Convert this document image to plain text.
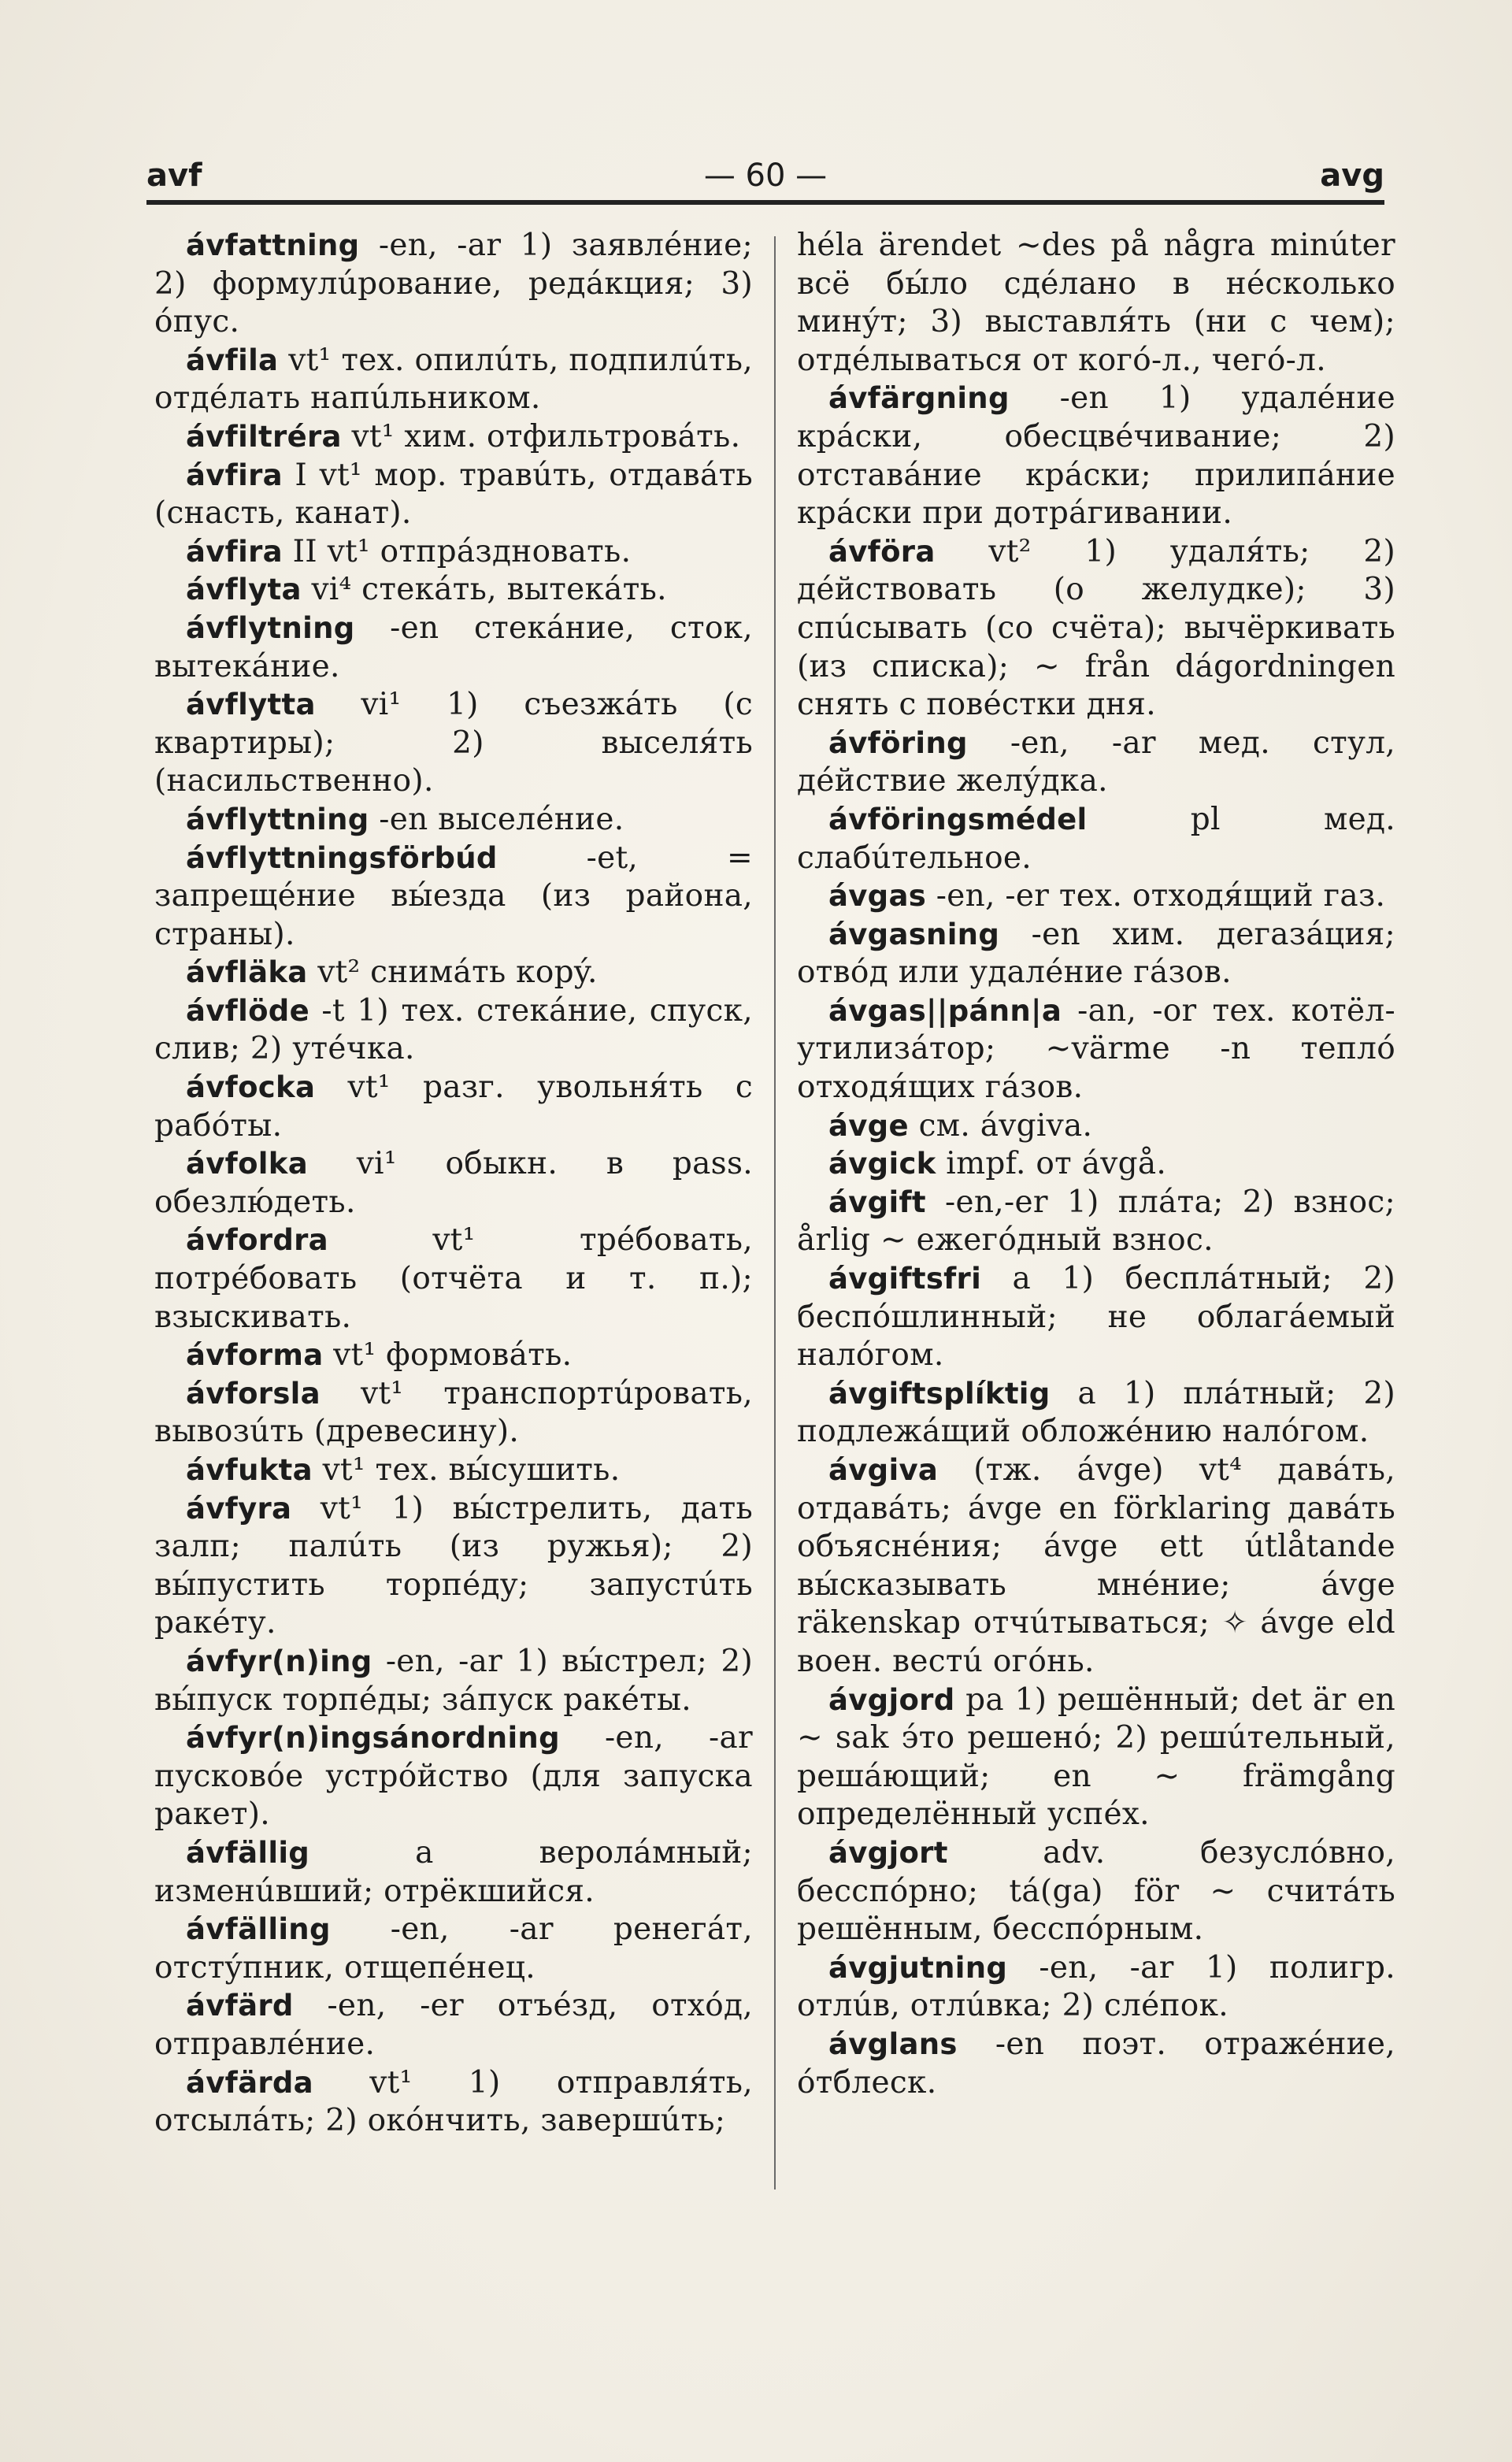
avf	— 60 —	avg

ávfattning -en, -ar 1) заявлéние; 2) формулúрование, редáкция; 3) óпус.

ávfila vt¹ тех. опилúть, подпилúть, отдéлать напúльником.

ávfiltréra vt¹ хим. отфильтровáть.

ávfira I vt¹ мор. травúть, отдавáть (снасть, канат).

ávfira II vt¹ отпрáздновать.

ávflyta vi⁴ стекáть, вытекáть.

ávflytning -en стекáние, сток, вытекáние.

ávflytta vi¹ 1) съезжáть (с квартиры); 2) выселя́ть (насильственно).

ávflyttning -en выселéние.

ávflyttningsförbúd -et, = запрещéние вы́езда (из района, страны).

ávfläka vt² снимáть корý.

ávflöde -t 1) тех. стекáние, спуск, слив; 2) утéчка.

ávfocka vt¹ разг. увольня́ть с рабóты.

ávfolka vi¹ обыкн. в pass. обезлю́деть.

ávfordra vt¹ трéбовать, потрéбовать (отчёта и т. п.); взыскивать.

ávforma vt¹ формовáть.

ávforsla vt¹ транспортúровать, вывозúть (древесину).

ávfukta vt¹ тех. вы́сушить.

ávfyra vt¹ 1) вы́стрелить, дать залп; палúть (из ружья); 2) вы́пустить торпéду; запустúть ракéту.

ávfyr(n)ing -en, -ar 1) вы́стрел; 2) вы́пуск торпéды; зáпуск ракéты.

ávfyr(n)ingsánordning -en, -ar пусковóе устрóйство (для запуска ракет).

ávfällig a верола́мный; изменúвший; отрёкшийся.

ávfälling -en, -ar ренегáт, отстýпник, отщепéнец.

ávfärd -en, -er отъéзд, отхóд, отправлéние.

ávfärda vt¹ 1) отправля́ть, отсылáть; 2) окóнчить, завершúть;

héla ärendet ~des på några minúter всё бы́ло сдéлано в нéсколько минýт; 3) выставля́ть (ни с чем); отдéлываться от когó-л., чегó-л.

ávfärgning -en 1) удалéние крáски, обесцвéчивание; 2) отставáние крáски; прилипáние крáски при дотрáгивании.

ávföra vt² 1) удаля́ть; 2) дéйствовать (о желудке); 3) спúсывать (со счёта); вычёркивать (из списка); ~ från dágordningen снять с повéстки дня.

ávföring -en, -ar мед. стул, дéйствие желýдка.

ávföringsmédel pl мед. слабúтельное.

ávgas -en, -er тех. отходя́щий газ.

ávgasning -en хим. дегазáция; отвóд или удалéние гáзов.

ávgas||pánn|a -an, -or тех. котёл-утилизáтор; ~värme -n теплó отходя́щих гáзов.

ávge см. ávgiva.

ávgick impf. от ávgå.

ávgift -en,-er 1) плáта; 2) взнос; årlig ~ ежегóдный взнос.

ávgiftsfri a 1) бесплáтный; 2) беспóшлинный; не облагáемый налóгом.

ávgiftsplíktig a 1) плáтный; 2) подлежáщий обложéнию налóгом.

ávgiva (тж. ávge) vt⁴ давáть, отдавáть; ávge en förklaring давáть объяснéния; ávge ett útlåtande вы́сказывать мнéние; ávge räkenskap отчúтываться; ✧ ávge eld воен. вестú огóнь.

ávgjord pa 1) решённый; det är en ~ sak э́то решенó; 2) решúтельный, решáющий; en ~ främgång определённый успéх.

ávgjort adv. безуслóвно, бесспóрно; tá(ga) för ~ считáть решённым, бесспóрным.

ávgjutning -en, -ar 1) полигр. отлúв, отлúвка; 2) слéпок.

ávglans -en поэт. отражéние, óтблеск.
